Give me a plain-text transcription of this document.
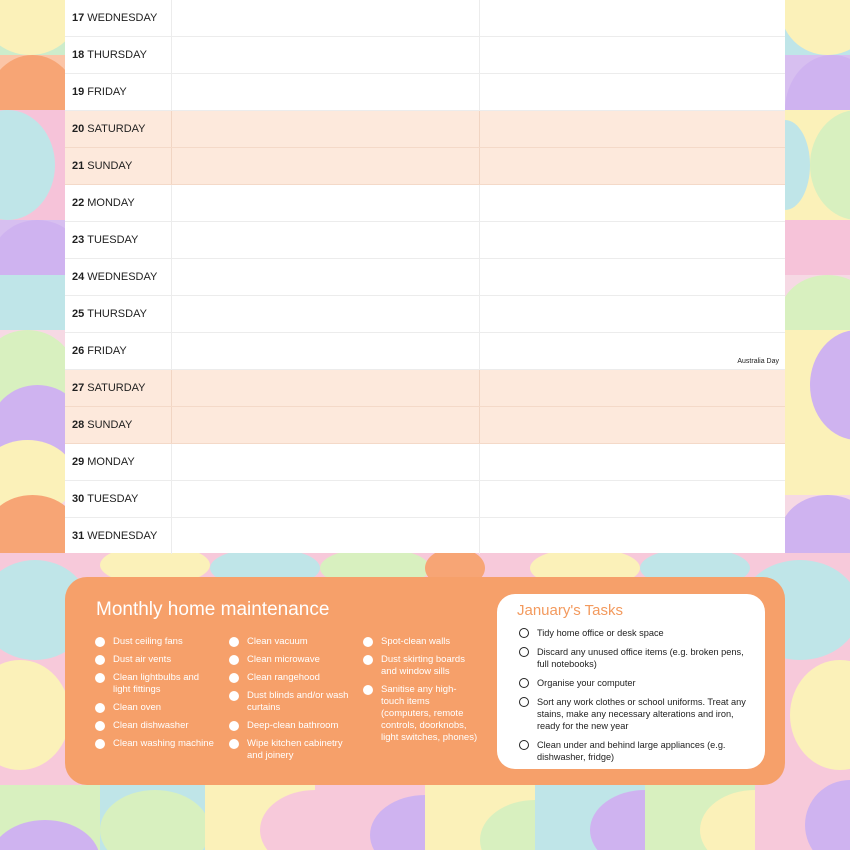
17 WEDNESDAY
18 THURSDAY
19 FRIDAY
20 SATURDAY
21 SUNDAY
22 MONDAY
23 TUESDAY
24 WEDNESDAY
25 THURSDAY
26 FRIDAY
Australia Day
27 SATURDAY
28 SUNDAY
29 MONDAY
30 TUESDAY
31 WEDNESDAY
Monthly home maintenance
Dust ceiling fans
Dust air vents
Clean lightbulbs and light fittings
Clean oven
Clean dishwasher
Clean washing machine
Clean vacuum
Clean microwave
Clean rangehood
Dust blinds and/or wash curtains
Deep-clean bathroom
Wipe kitchen cabinetry and joinery
Spot-clean walls
Dust skirting boards and window sills
Sanitise any high-touch items (computers, remote controls, doorknobs, light switches, phones)
January's Tasks
Tidy home office or desk space
Discard any unused office items (e.g. broken pens, full notebooks)
Organise your computer
Sort any work clothes or school uniforms. Treat any stains, make any necessary alterations and iron, ready for the new year
Clean under and behind large appliances (e.g. dishwasher, fridge)
